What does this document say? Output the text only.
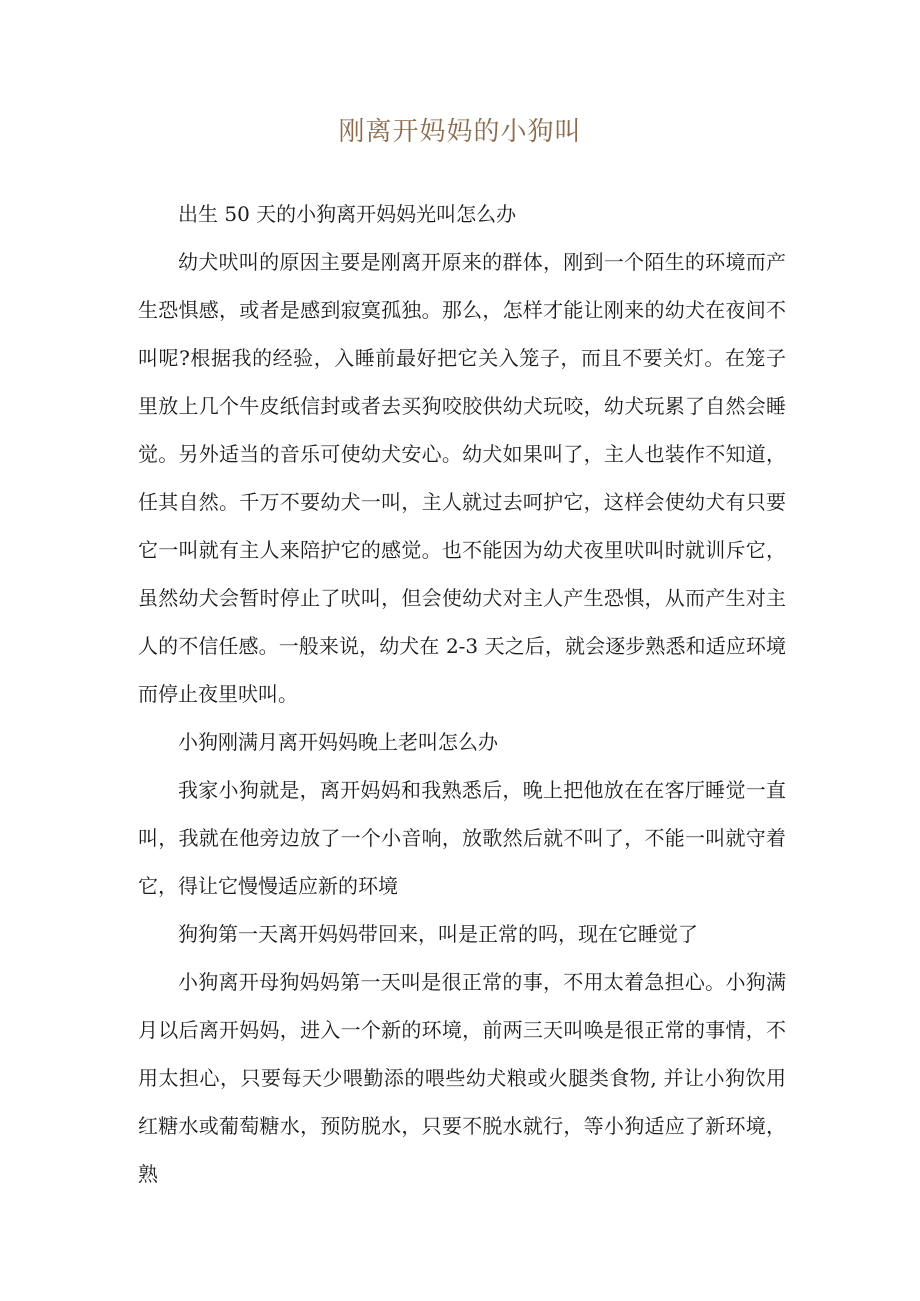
刚离开妈妈的小狗叫

出生 50 天的小狗离开妈妈光叫怎么办

幼犬吠叫的原因主要是刚离开原来的群体，刚到一个陌生的环境而产生恐惧感，或者是感到寂寞孤独。那么，怎样才能让刚来的幼犬在夜间不叫呢?根据我的经验，入睡前最好把它关入笼子，而且不要关灯。在笼子里放上几个牛皮纸信封或者去买狗咬胶供幼犬玩咬，幼犬玩累了自然会睡觉。另外适当的音乐可使幼犬安心。幼犬如果叫了，主人也装作不知道，任其自然。千万不要幼犬一叫，主人就过去呵护它，这样会使幼犬有只要它一叫就有主人来陪护它的感觉。也不能因为幼犬夜里吠叫时就训斥它，虽然幼犬会暂时停止了吠叫，但会使幼犬对主人产生恐惧，从而产生对主人的不信任感。一般来说，幼犬在 2-3 天之后，就会逐步熟悉和适应环境而停止夜里吠叫。

小狗刚满月离开妈妈晚上老叫怎么办

我家小狗就是，离开妈妈和我熟悉后，晚上把他放在在客厅睡觉一直叫，我就在他旁边放了一个小音响，放歌然后就不叫了，不能一叫就守着它，得让它慢慢适应新的环境

狗狗第一天离开妈妈带回来，叫是正常的吗，现在它睡觉了

小狗离开母狗妈妈第一天叫是很正常的事，不用太着急担心。小狗满月以后离开妈妈，进入一个新的环境，前两三天叫唤是很正常的事情，不用太担心，只要每天少喂勤添的喂些幼犬粮或火腿类食物, 并让小狗饮用红糖水或葡萄糖水，预防脱水，只要不脱水就行，等小狗适应了新环境，熟
